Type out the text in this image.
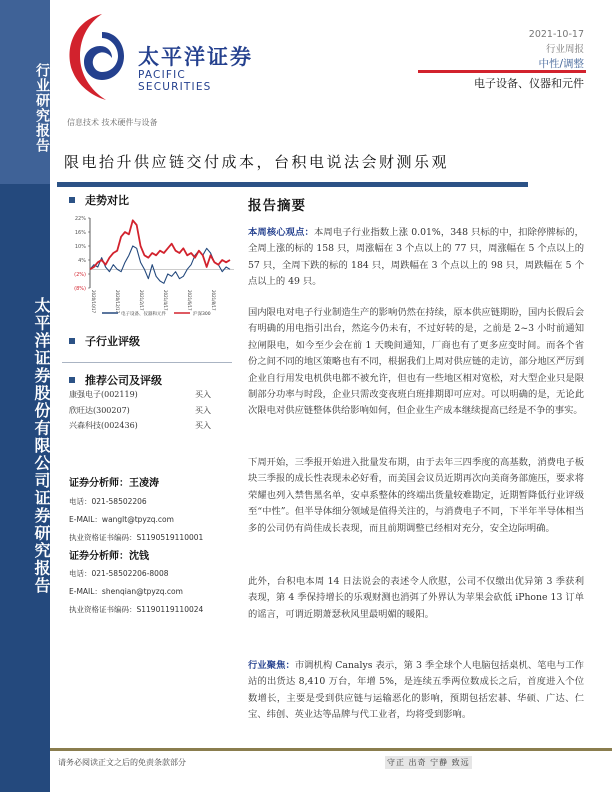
行业研究报告
太平洋证券股份有限公司证券研究报告
太平洋证券
PACIFIC SECURITIES
2021-10-17
行业周报
中性/调整
电子设备、仪器和元件
信息技术 技术硬件与设备
限电抬升供应链交付成本，台积电说法会财测乐观
走势对比
22%
16%
10%
4%
(2%)
(8%)
2020/10/17	2020/12/17	2021/2/17	2021/4/17	2021/6/17	2021/8/17
电子设备、仪器和元件	沪深300
子行业评级
推荐公司及评级
康强电子(002119)	买入
欣旺达(300207)	买入
兴森科技(002436)	买入
证券分析师：王凌涛
电话：021-58502206
E-MAIL：wanglt@tpyzq.com
执业资格证书编码：S1190519110001
证券分析师：沈钱
电话：021-58502206-8008
E-MAIL：shenqian@tpyzq.com
执业资格证书编码：S1190119110024
报告摘要
本周核心观点：本周电子行业指数上涨 0.01%，348 只标的中，扣除停牌标的，全周上涨的标的 158 只，周涨幅在 3 个点以上的 77 只，周涨幅在 5 个点以上的 57 只，全周下跌的标的 184 只，周跌幅在 3 个点以上的 98 只，周跌幅在 5 个点以上的 49 只。
国内限电对电子行业制造生产的影响仍然在持续，原本供应链期盼，国内长假后会有明确的用电指引出台，然迄今仍未有，不过好转的是，之前是 2~3 小时前通知拉闸限电，如今至少会在前 1 天晚间通知，厂商也有了更多应变时间。而各个省份之间不同的地区策略也有不同，根据我们上周对供应链的走访，部分地区严厉到企业自行用发电机供电都不被允许，但也有一些地区相对宽松，对大型企业只是限制部分功率与时段，企业只需改变夜班白班排期即可应对。可以明确的是，无论此次限电对供应链整体供给影响如何，但企业生产成本继续提高已经是不争的事实。
下周开始，三季报开始进入批量发布期，由于去年三四季度的高基数，消费电子板块三季报的成长性表现未必好看，而美国会议员近期再次向美商务部施压，要求将荣耀也列入禁售黑名单，安卓系整体的终端出货量较难勘定，近期暂降低行业评级至“中性”。但半导体细分领域是值得关注的，与消费电子不同，下半年半导体相当多的公司仍有尚佳成长表现，而且前期调整已经相对充分，安全边际明确。
此外，台积电本周 14 日法说会的表述令人欣慰，公司不仅缴出优异第 3 季获利表现，第 4 季保持增长的乐观财测也消弭了外界认为苹果会砍低 iPhone 13 订单的谣言，可谓近期萧瑟秋风里最明媚的暖阳。
行业聚焦：市调机构 Canalys 表示，第 3 季全球个人电脑包括桌机、笔电与工作站的出货达 8,410 万台，年增 5%，是连续五季两位数成长之后，首度进入个位数增长，主要是受到供应链与运输恶化的影响，预期包括宏碁、华硕、广达、仁宝、纬创、英业达等品牌与代工业者，均将受到影响。
请务必阅读正文之后的免责条款部分	守正 出奇 宁静 致远
